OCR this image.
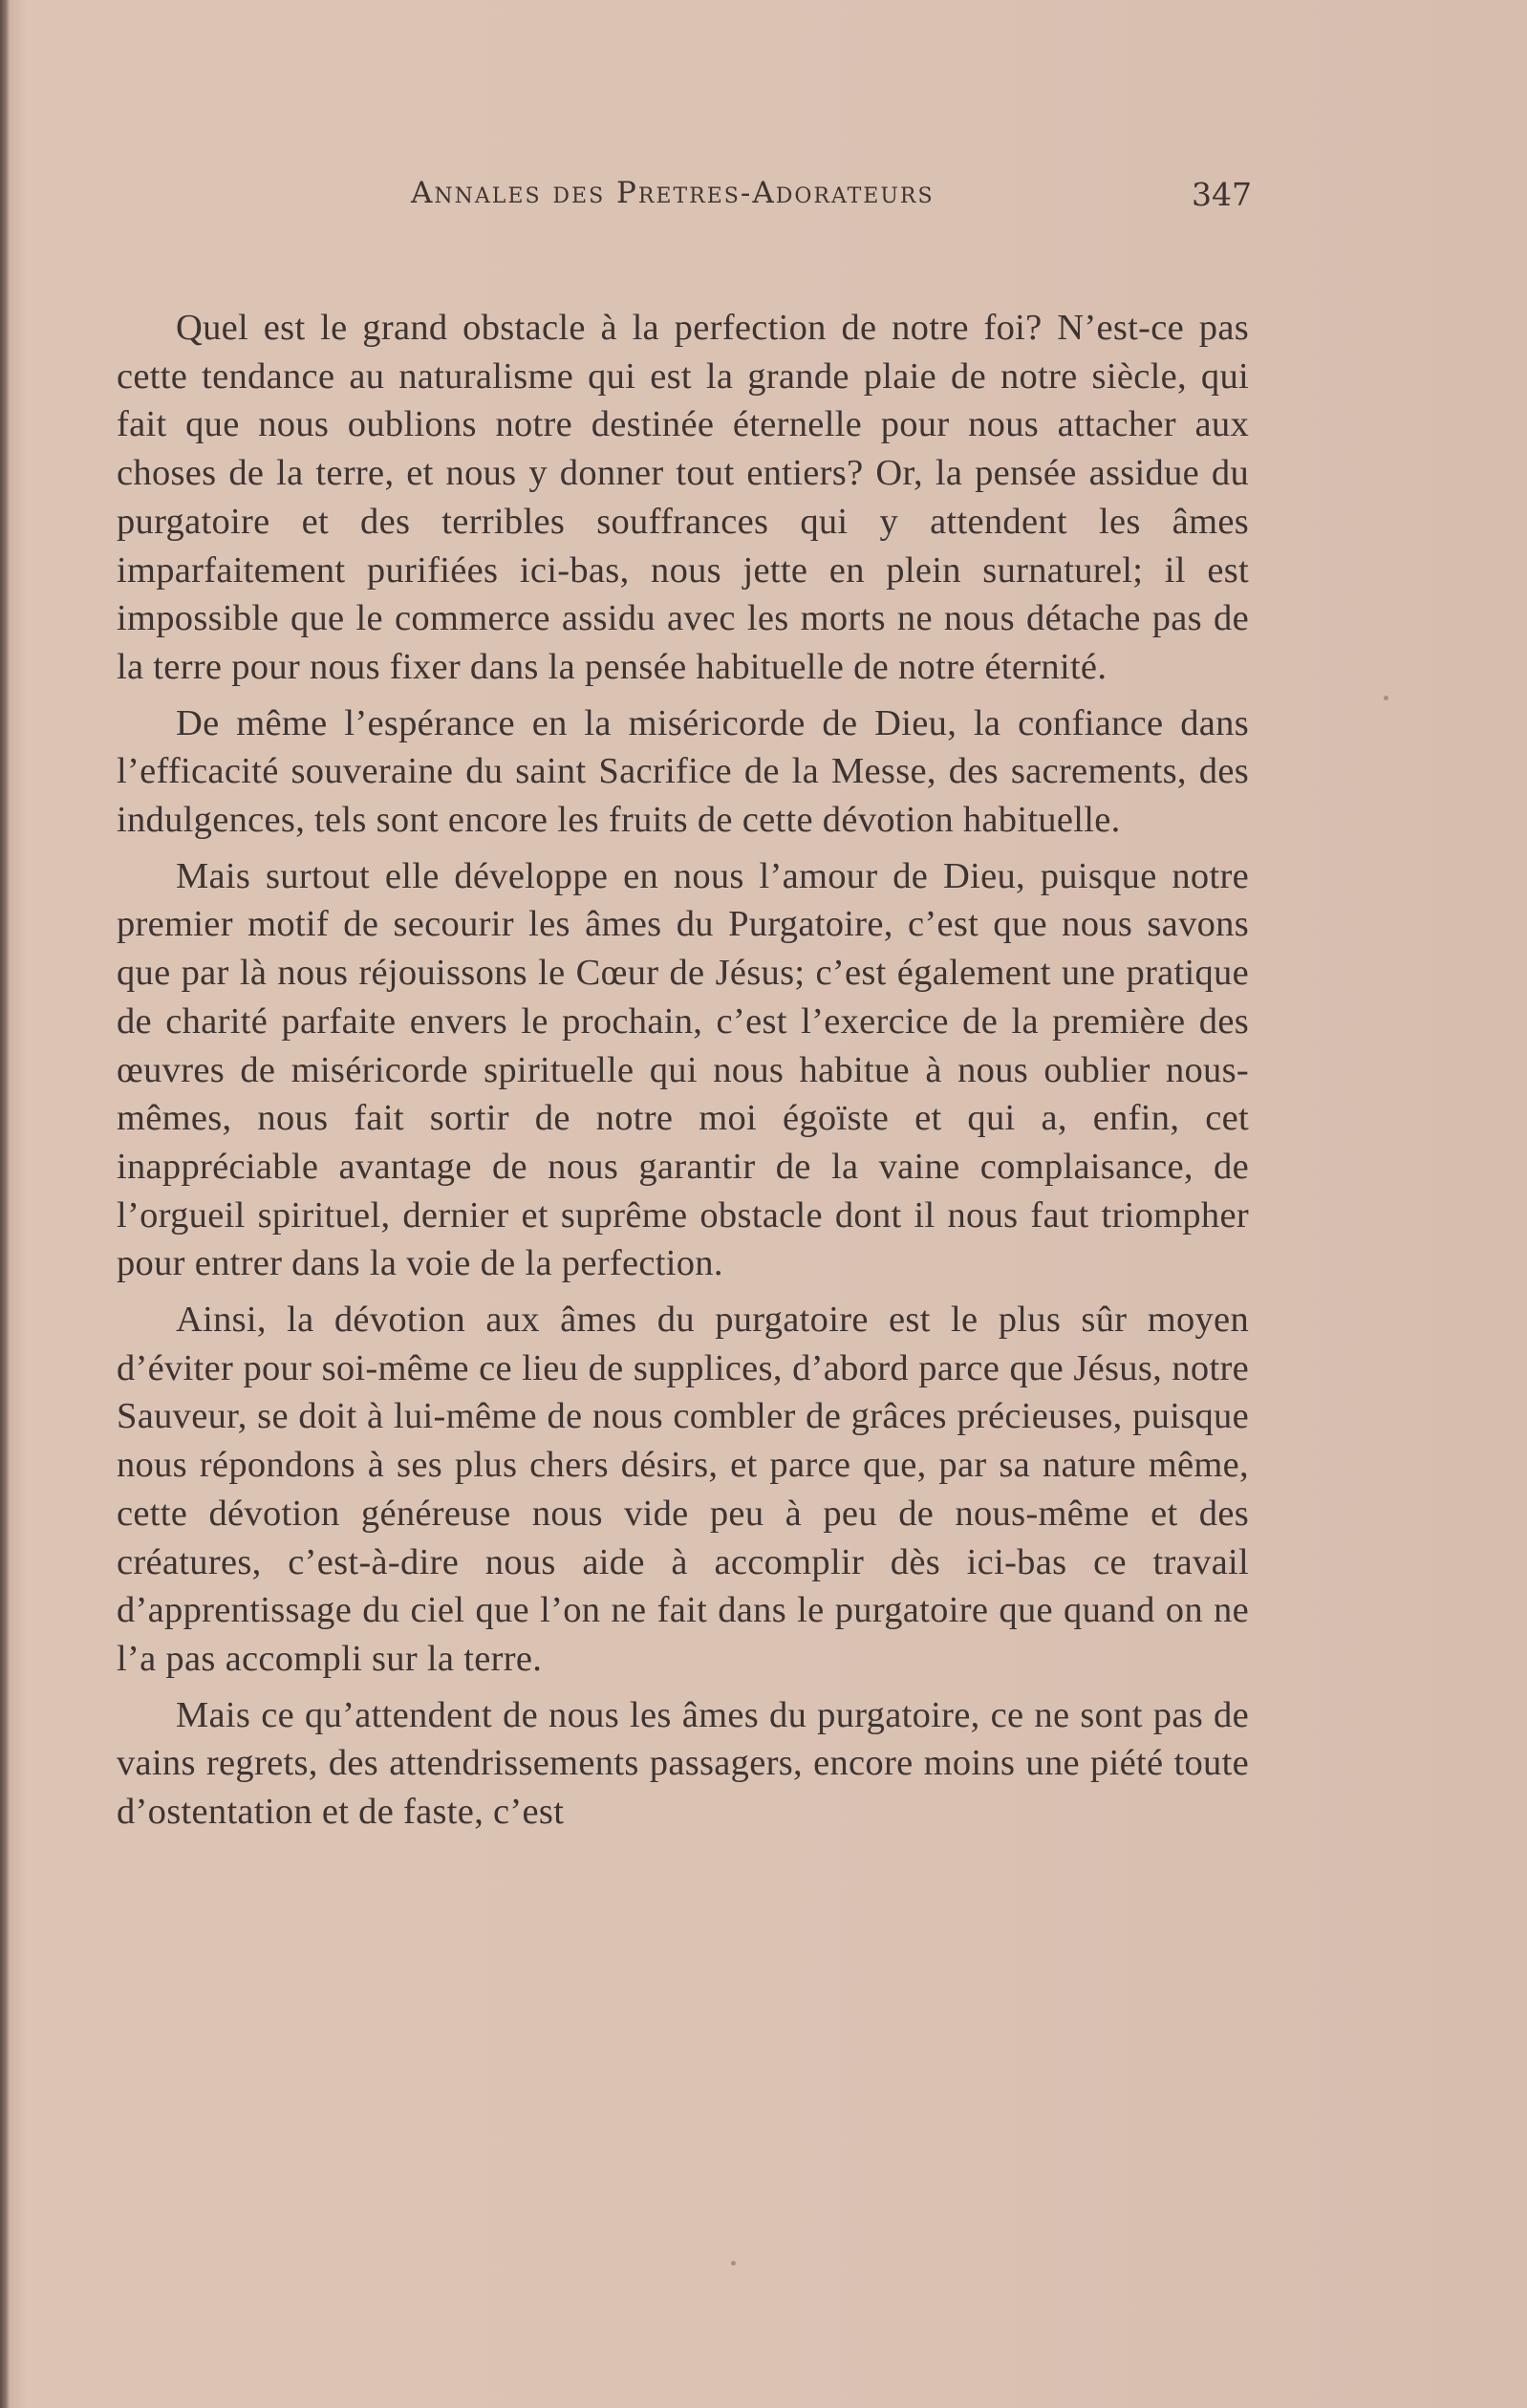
Annales des Pretres-Adorateurs	347

Quel est le grand obstacle à la perfection de notre foi? N’est-ce pas cette tendance au naturalisme qui est la grande plaie de notre siècle, qui fait que nous oublions notre destinée éternelle pour nous attacher aux choses de la terre, et nous y donner tout entiers? Or, la pensée assidue du purgatoire et des terribles souffrances qui y attendent les âmes imparfaitement purifiées ici-bas, nous jette en plein surnaturel; il est impossible que le commerce assidu avec les morts ne nous détache pas de la terre pour nous fixer dans la pensée habituelle de notre éternité.

De même l’espérance en la miséricorde de Dieu, la confiance dans l’efficacité souveraine du saint Sacrifice de la Messe, des sacrements, des indulgences, tels sont encore les fruits de cette dévotion habituelle.

Mais surtout elle développe en nous l’amour de Dieu, puisque notre premier motif de secourir les âmes du Purgatoire, c’est que nous savons que par là nous réjouissons le Cœur de Jésus; c’est également une pratique de charité parfaite envers le prochain, c’est l’exercice de la première des œuvres de miséricorde spirituelle qui nous habitue à nous oublier nous-mêmes, nous fait sortir de notre moi égoïste et qui a, enfin, cet inappréciable avantage de nous garantir de la vaine complaisance, de l’orgueil spirituel, dernier et suprême obstacle dont il nous faut triompher pour entrer dans la voie de la perfection.

Ainsi, la dévotion aux âmes du purgatoire est le plus sûr moyen d’éviter pour soi-même ce lieu de supplices, d’abord parce que Jésus, notre Sauveur, se doit à lui-même de nous combler de grâces précieuses, puisque nous répondons à ses plus chers désirs, et parce que, par sa nature même, cette dévotion généreuse nous vide peu à peu de nous-même et des créatures, c’est-à-dire nous aide à accomplir dès ici-bas ce travail d’apprentissage du ciel que l’on ne fait dans le purgatoire que quand on ne l’a pas accompli sur la terre.

Mais ce qu’attendent de nous les âmes du purgatoire, ce ne sont pas de vains regrets, des attendrissements passagers, encore moins une piété toute d’ostentation et de faste, c’est
